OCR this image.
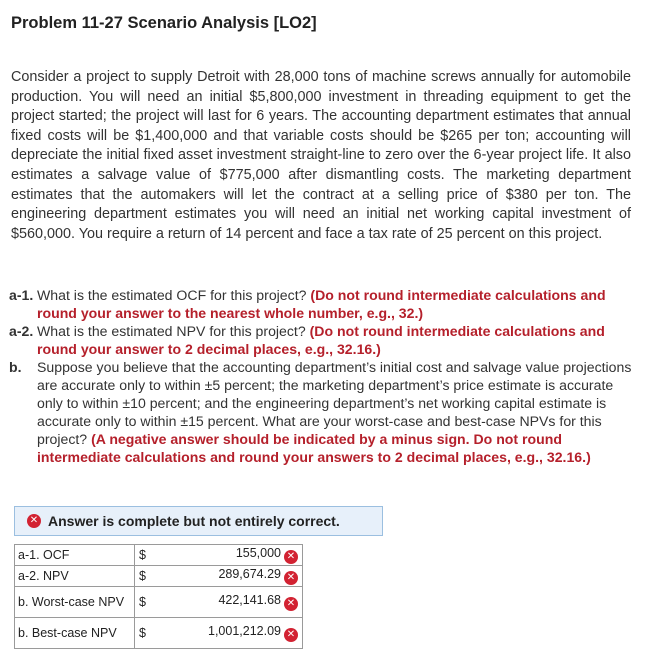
Problem 11-27 Scenario Analysis [LO2]
Consider a project to supply Detroit with 28,000 tons of machine screws annually for automobile production. You will need an initial $5,800,000 investment in threading equipment to get the project started; the project will last for 6 years. The accounting department estimates that annual fixed costs will be $1,400,000 and that variable costs should be $265 per ton; accounting will depreciate the initial fixed asset investment straight-line to zero over the 6-year project life. It also estimates a salvage value of $775,000 after dismantling costs. The marketing department estimates that the automakers will let the contract at a selling price of $380 per ton. The engineering department estimates you will need an initial net working capital investment of $560,000. You require a return of 14 percent and face a tax rate of 25 percent on this project.
a-1. What is the estimated OCF for this project? (Do not round intermediate calculations and round your answer to the nearest whole number, e.g., 32.)
a-2. What is the estimated NPV for this project? (Do not round intermediate calculations and round your answer to 2 decimal places, e.g., 32.16.)
b.	Suppose you believe that the accounting department’s initial cost and salvage value projections are accurate only to within ±5 percent; the marketing department’s price estimate is accurate only to within ±10 percent; and the engineering department’s net working capital estimate is accurate only to within ±15 percent. What are your worst-case and best-case NPVs for this project? (A negative answer should be indicated by a minus sign. Do not round intermediate calculations and round your answers to 2 decimal places, e.g., 32.16.)
✕ Answer is complete but not entirely correct.
a-1. OCF	$	155,000 ✕
a-2. NPV	$	289,674.29 ✕
b. Worst-case NPV	$	422,141.68 ✕
b. Best-case NPV	$	1,001,212.09 ✕
